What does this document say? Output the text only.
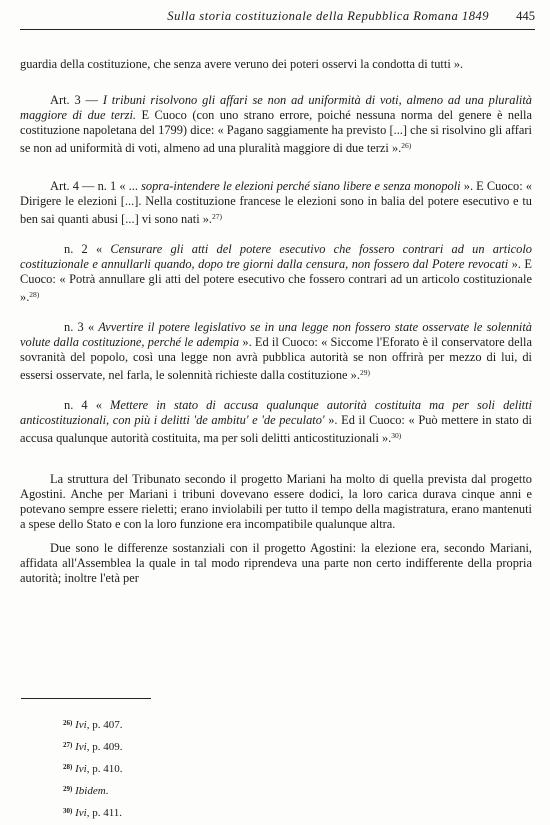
Sulla storia costituzionale della Repubblica Romana 1849 445

guardia della costituzione, che senza avere veruno dei poteri osservi la condotta di tutti ».

Art. 3 — I tribuni risolvono gli affari se non ad uniformità di voti, almeno ad una pluralità maggiore di due terzi. E Cuoco (con uno strano errore, poiché nessuna norma del genere è nella costituzione napoletana del 1799) dice: « Pagano saggiamente ha previsto [...] che si risolvino gli affari se non ad uniformità di voti, almeno ad una pluralità maggiore di due terzi ».$^{26)}$

Art. 4 — n. 1 « ... sopra-intendere le elezioni perché siano libere e senza monopoli ». E Cuoco: « Dirigere le elezioni [...]. Nella costituzione francese le elezioni sono in balia del potere esecutivo e tu ben sai quanti abusi [...] vi sono nati ».$^{27)}$

n. 2 « Censurare gli atti del potere esecutivo che fossero contrari ad un articolo costituzionale e annullarli quando, dopo tre giorni dalla censura, non fossero dal Potere revocati ». E Cuoco: « Potrà annullare gli atti del potere esecutivo che fossero contrari ad un articolo costituzionale ».$^{28)}$

n. 3 « Avvertire il potere legislativo se in una legge non fossero state osservate le solennità volute dalla costituzione, perché le adempia ». Ed il Cuoco: « Siccome l'Eforato è il conservatore della sovranità del popolo, così una legge non avrà pubblica autorità se non offrirà per mezzo di lui, di essersi osservate, nel farla, le solennità richieste dalla costituzione ».$^{29)}$

n. 4 « Mettere in stato di accusa qualunque autorità costituita ma per soli delitti anticostituzionali, con più i delitti 'de ambitu' e 'de peculato' ». Ed il Cuoco: « Può mettere in stato di accusa qualunque autorità costituita, ma per soli delitti anticostituzionali ».$^{30)}$

La struttura del Tribunato secondo il progetto Mariani ha molto di quella prevista dal progetto Agostini. Anche per Mariani i tribuni dovevano essere dodici, la loro carica durava cinque anni e potevano sempre essere rieletti; erano inviolabili per tutto il tempo della magistratura, erano mantenuti a spese dello Stato e con la loro funzione era incompatibile qualunque altra.

Due sono le differenze sostanziali con il progetto Agostini: la elezione era, secondo Mariani, affidata all'Assemblea la quale in tal modo riprendeva una parte non certo indifferente della propria autorità; inoltre l'età per

$^{26)}$ Ivi, p. 407.
$^{27)}$ Ivi, p. 409.
$^{28)}$ Ivi, p. 410.
$^{29)}$ Ibidem.
$^{30)}$ Ivi, p. 411.
